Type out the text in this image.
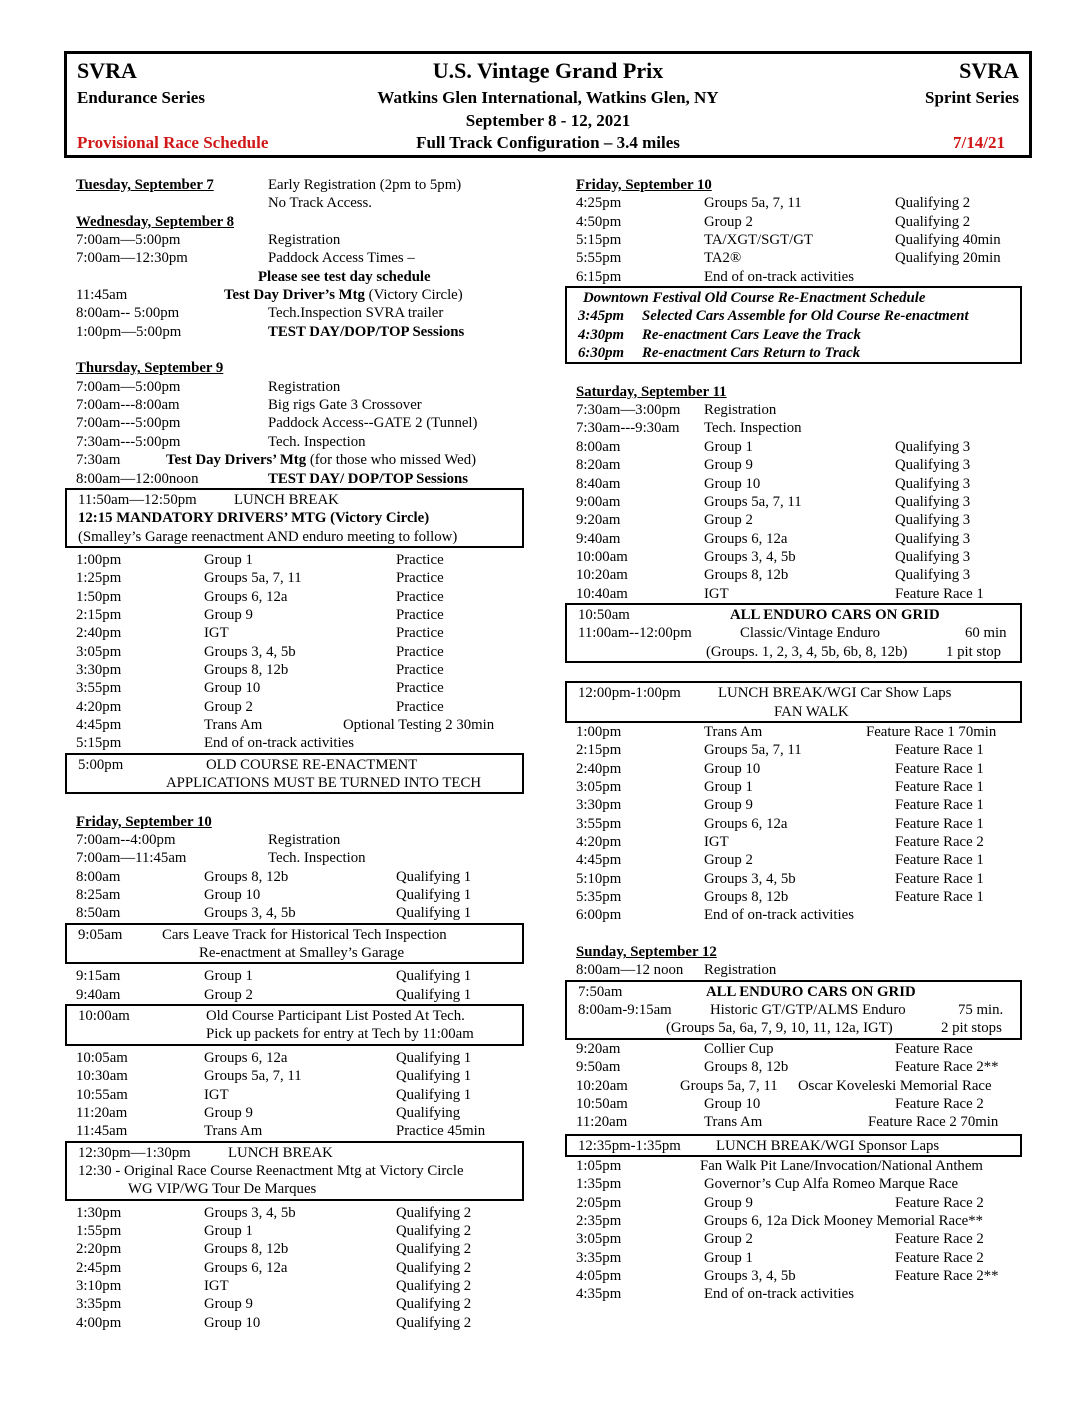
SVRA
Endurance Series
Provisional Race Schedule
U.S. Vintage Grand Prix
Watkins Glen International, Watkins Glen, NY
September 8 - 12, 2021
Full Track Configuration – 3.4 miles
SVRA
Sprint Series
7/14/21
Tuesday, September 7	Early Registration (2pm to 5pm)
No Track Access.
Wednesday, September 8
7:00am—5:00pm	Registration
7:00am—12:30pm	Paddock Access Times –
Please see test day schedule
11:45am	Test Day Driver’s Mtg (Victory Circle)
8:00am-- 5:00pm	Tech.Inspection SVRA trailer
1:00pm—5:00pm	TEST DAY/DOP/TOP Sessions
Thursday, September 9
7:00am—5:00pm	Registration
7:00am---8:00am	Big rigs Gate 3 Crossover
7:00am---5:00pm	Paddock Access--GATE 2 (Tunnel)
7:30am---5:00pm	Tech. Inspection
7:30am	Test Day Drivers’ Mtg (for those who missed Wed)
8:00am—12:00noon	TEST DAY/ DOP/TOP Sessions
11:50am—12:50pm	LUNCH BREAK
12:15 MANDATORY DRIVERS’ MTG (Victory Circle)
(Smalley’s Garage reenactment AND enduro meeting to follow)
1:00pm	Group 1	Practice
1:25pm	Groups 5a, 7, 11	Practice
1:50pm	Groups 6, 12a	Practice
2:15pm	Group 9	Practice
2:40pm	IGT	Practice
3:05pm	Groups 3, 4, 5b	Practice
3:30pm	Groups 8, 12b	Practice
3:55pm	Group 10	Practice
4:20pm	Group 2	Practice
4:45pm	Trans Am	Optional Testing 2 30min
5:15pm	End of on-track activities
5:00pm	OLD COURSE RE-ENACTMENT
APPLICATIONS MUST BE TURNED INTO TECH
Friday, September 10
7:00am--4:00pm	Registration
7:00am—11:45am	Tech. Inspection
8:00am	Groups 8, 12b	Qualifying 1
8:25am	Group 10	Qualifying 1
8:50am	Groups 3, 4, 5b	Qualifying 1
9:05am	Cars Leave Track for Historical Tech Inspection
Re-enactment at Smalley’s Garage
9:15am	Group 1	Qualifying 1
9:40am	Group 2	Qualifying 1
10:00am	Old Course Participant List Posted At Tech.
Pick up packets for entry at Tech by 11:00am
10:05am	Groups 6, 12a	Qualifying 1
10:30am	Groups 5a, 7, 11	Qualifying 1
10:55am	IGT	Qualifying 1
11:20am	Group 9	Qualifying
11:45am	Trans Am	Practice 45min
12:30pm—1:30pm	LUNCH BREAK
12:30 - Original Race Course Reenactment Mtg at Victory Circle
WG VIP/WG Tour De Marques
1:30pm	Groups 3, 4, 5b	Qualifying 2
1:55pm	Group 1	Qualifying 2
2:20pm	Groups 8, 12b	Qualifying 2
2:45pm	Groups 6, 12a	Qualifying 2
3:10pm	IGT	Qualifying 2
3:35pm	Group 9	Qualifying 2
4:00pm	Group 10	Qualifying 2
Friday, September 10
4:25pm	Groups 5a, 7, 11	Qualifying 2
4:50pm	Group 2	Qualifying 2
5:15pm	TA/XGT/SGT/GT	Qualifying 40min
5:55pm	TA2®	Qualifying 20min
6:15pm	End of on-track activities
Downtown Festival Old Course Re-Enactment Schedule
3:45pm Selected Cars Assemble for Old Course Re-enactment
4:30pm Re-enactment Cars Leave the Track
6:30pm Re-enactment Cars Return to Track
Saturday, September 11
7:30am—3:00pm Registration
7:30am---9:30am Tech. Inspection
8:00am	Group 1	Qualifying 3
8:20am	Group 9	Qualifying 3
8:40am	Group 10	Qualifying 3
9:00am	Groups 5a, 7, 11	Qualifying 3
9:20am	Group 2	Qualifying 3
9:40am	Groups 6, 12a	Qualifying 3
10:00am	Groups 3, 4, 5b	Qualifying 3
10:20am	Groups 8, 12b	Qualifying 3
10:40am	IGT	Feature Race 1
10:50am	ALL ENDURO CARS ON GRID
11:00am--12:00pm	Classic/Vintage Enduro	60 min
(Groups. 1, 2, 3, 4, 5b, 6b, 8, 12b)	1 pit stop
12:00pm-1:00pm	LUNCH BREAK/WGI Car Show Laps
FAN WALK
1:00pm	Trans Am	Feature Race 1 70min
2:15pm	Groups 5a, 7, 11	Feature Race 1
2:40pm	Group 10	Feature Race 1
3:05pm	Group 1	Feature Race 1
3:30pm	Group 9	Feature Race 1
3:55pm	Groups 6, 12a	Feature Race 1
4:20pm	IGT	Feature Race 2
4:45pm	Group 2	Feature Race 1
5:10pm	Groups 3, 4, 5b	Feature Race 1
5:35pm	Groups 8, 12b	Feature Race 1
6:00pm	End of on-track activities
Sunday, September 12
8:00am—12 noon Registration
7:50am	ALL ENDURO CARS ON GRID
8:00am-9:15am	Historic GT/GTP/ALMS Enduro	75 min.
(Groups 5a, 6a, 7, 9, 10, 11, 12a, IGT)	2 pit stops
9:20am	Collier Cup	Feature Race
9:50am	Groups 8, 12b	Feature Race 2**
10:20am	Groups 5a, 7, 11 Oscar Koveleski Memorial Race
10:50am	Group 10	Feature Race 2
11:20am	Trans Am	Feature Race 2 70min
12:35pm-1:35pm LUNCH BREAK/WGI Sponsor Laps
1:05pm	Fan Walk Pit Lane/Invocation/National Anthem
1:35pm	Governor’s Cup Alfa Romeo Marque Race
2:05pm	Group 9	Feature Race 2
2:35pm	Groups 6, 12a Dick Mooney Memorial Race**
3:05pm	Group 2	Feature Race 2
3:35pm	Group 1	Feature Race 2
4:05pm	Groups 3, 4, 5b	Feature Race 2**
4:35pm	End of on-track activities
